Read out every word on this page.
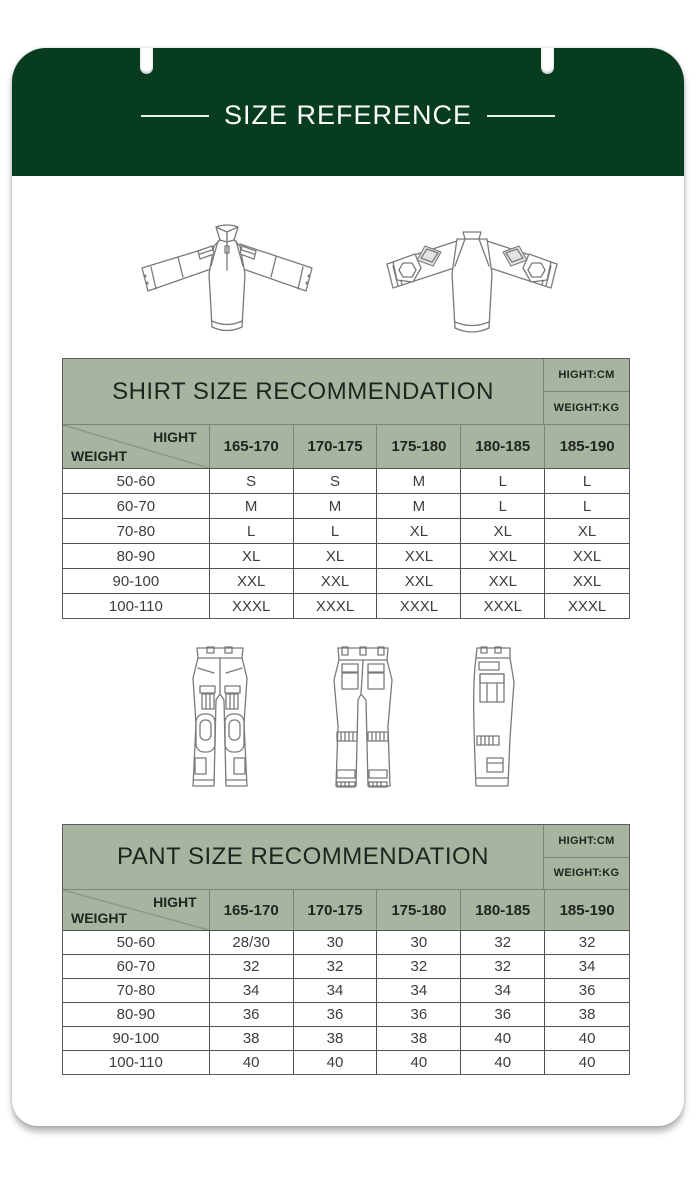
SIZE REFERENCE
SHIRT SIZE RECOMMENDATION
HIGHT:CM
WEIGHT:KG
HIGHT
WEIGHT
165-170	170-175	175-180	180-185	185-190
50-60	S	S	M	L	L
60-70	M	M	M	L	L
70-80	L	L	XL	XL	XL
80-90	XL	XL	XXL	XXL	XXL
90-100	XXL	XXL	XXL	XXL	XXL
100-110	XXXL	XXXL	XXXL	XXXL	XXXL
PANT SIZE RECOMMENDATION
HIGHT:CM
WEIGHT:KG
HIGHT
WEIGHT	165-170	170-175	175-180	180-185	185-190
50-60	28/30	30	30	32	32
60-70	32	32	32	32	34
70-80	34	34	34	34	36
80-90	36	36	36	36	38
90-100	38	38	38	40	40
100-110	40	40	40	40	40
